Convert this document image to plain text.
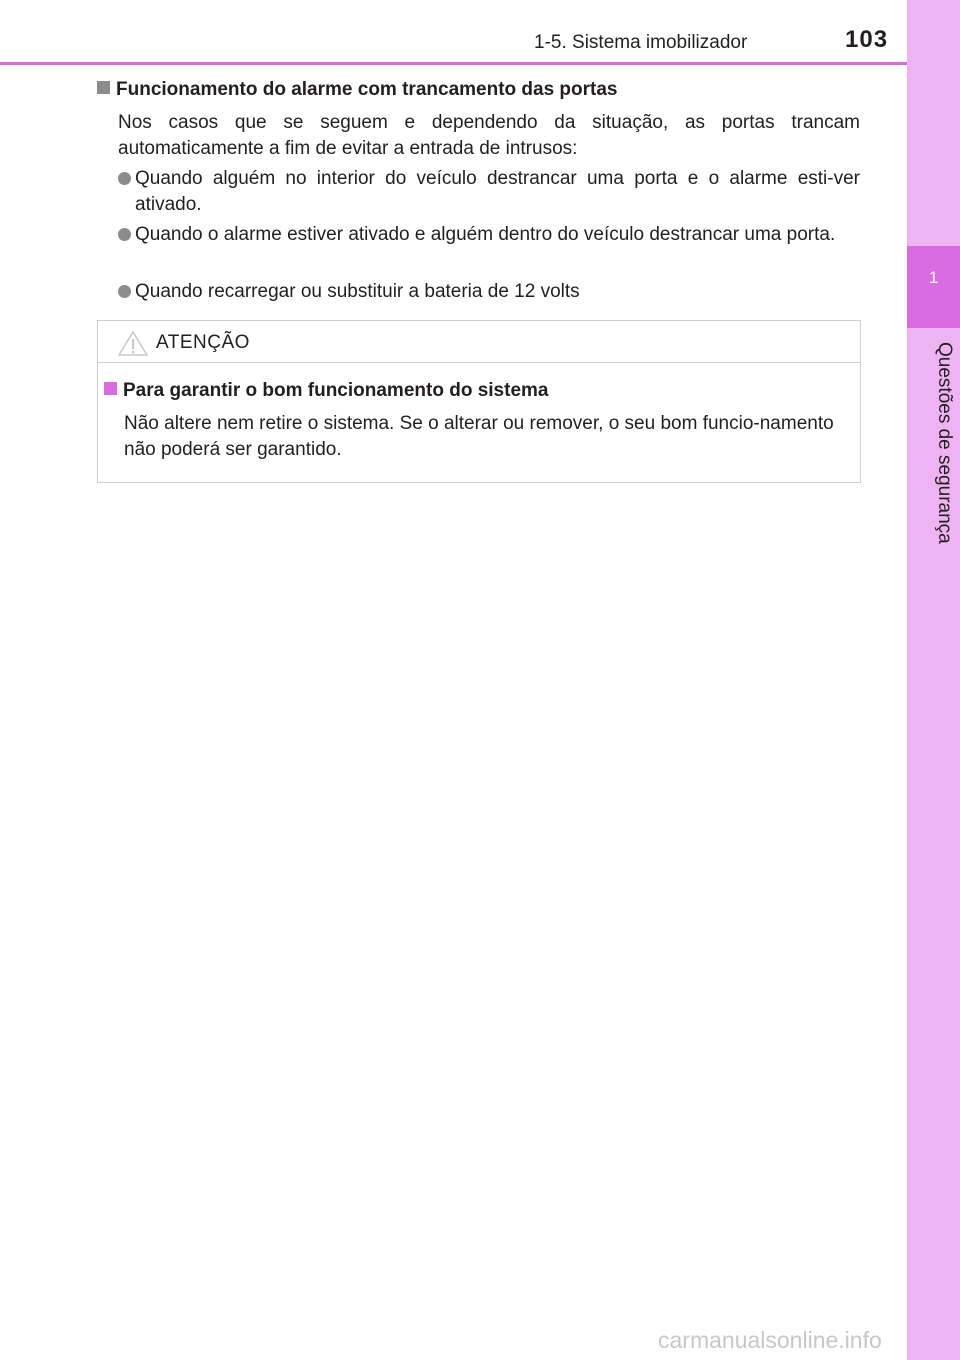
1
Questões de segurança
1-5. Sistema imobilizador	103
Funcionamento do alarme com trancamento das portas
Nos casos que se seguem e dependendo da situação, as portas trancam automaticamente a fim de evitar a entrada de intrusos:
Quando alguém no interior do veículo destrancar uma porta e o alarme esti-ver ativado.
Quando o alarme estiver ativado e alguém dentro do veículo destrancar uma porta.
Quando recarregar ou substituir a bateria de 12 volts
ATENÇÃO
Para garantir o bom funcionamento do sistema
Não altere nem retire o sistema. Se o alterar ou remover, o seu bom funcio-namento não poderá ser garantido.
carmanualsonline.info
